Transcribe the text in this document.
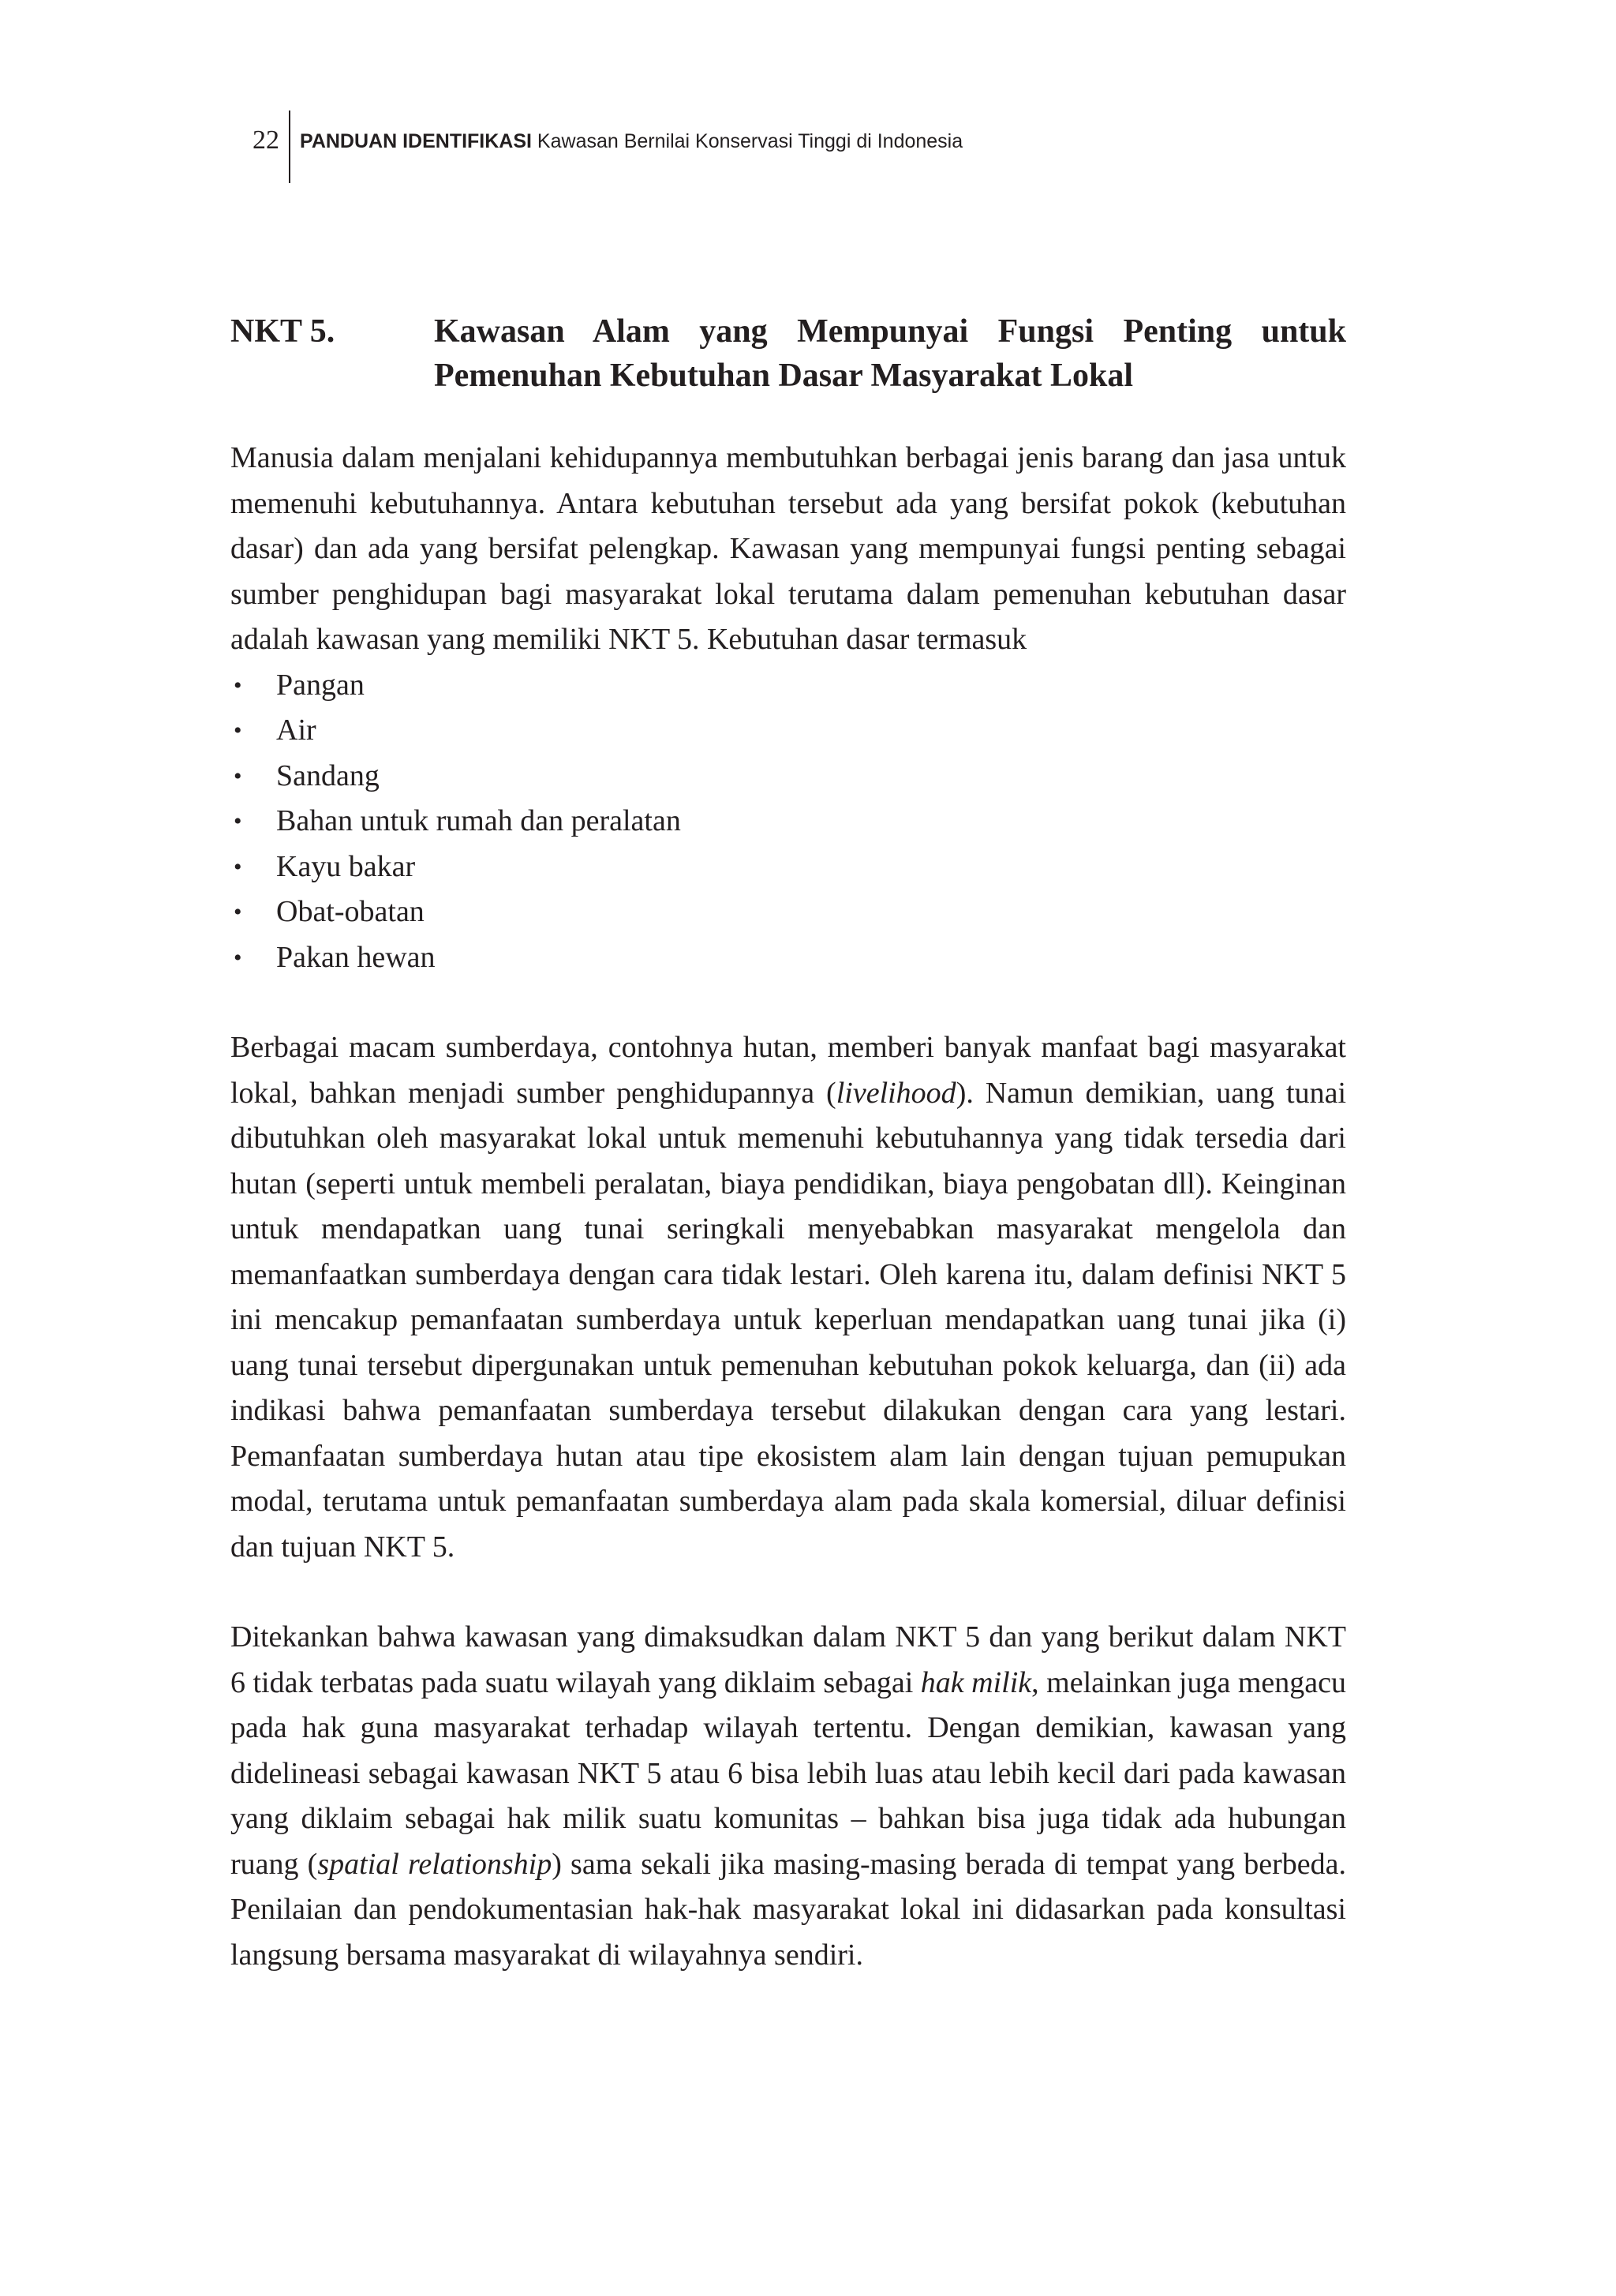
22 PANDUAN IDENTIFIKASI Kawasan Bernilai Konservasi Tinggi di Indonesia
NKT 5.	Kawasan Alam yang Mempunyai Fungsi Penting untuk
Pemenuhan Kebutuhan Dasar Masyarakat Lokal

Manusia dalam menjalani kehidupannya membutuhkan berbagai jenis barang dan jasa untuk memenuhi kebutuhannya. Antara kebutuhan tersebut ada yang bersifat pokok (kebutuhan dasar) dan ada yang bersifat pelengkap. Kawasan yang mempunyai fungsi penting sebagai sumber penghidupan bagi masyarakat lokal terutama dalam pemenuhan kebutuhan dasar adalah kawasan yang memiliki NKT 5. Kebutuhan dasar termasuk

• Pangan
• Air
• Sandang
• Bahan untuk rumah dan peralatan
• Kayu bakar
• Obat-obatan
• Pakan hewan

Berbagai macam sumberdaya, contohnya hutan, memberi banyak manfaat bagi masyarakat lokal, bahkan menjadi sumber penghidupannya (livelihood). Namun demikian, uang tunai dibutuhkan oleh masyarakat lokal untuk memenuhi kebutuhannya yang tidak tersedia dari hutan (seperti untuk membeli peralatan, biaya pendidikan, biaya pengobatan dll). Keinginan untuk mendapatkan uang tunai seringkali menyebabkan masyarakat mengelola dan memanfaatkan sumberdaya dengan cara tidak lestari. Oleh karena itu, dalam definisi NKT 5 ini mencakup pemanfaatan sumberdaya untuk keperluan mendapatkan uang tunai jika (i) uang tunai tersebut dipergunakan untuk pemenuhan kebutuhan pokok keluarga, dan (ii) ada indikasi bahwa pemanfaatan sumberdaya tersebut dilakukan dengan cara yang lestari. Pemanfaatan sumberdaya hutan atau tipe ekosistem alam lain dengan tujuan pemupukan modal, terutama untuk pemanfaatan sumberdaya alam pada skala komersial, diluar definisi dan tujuan NKT 5.

Ditekankan bahwa kawasan yang dimaksudkan dalam NKT 5 dan yang berikut dalam NKT 6 tidak terbatas pada suatu wilayah yang diklaim sebagai hak milik, melainkan juga mengacu pada hak guna masyarakat terhadap wilayah tertentu. Dengan demikian, kawasan yang didelineasi sebagai kawasan NKT 5 atau 6 bisa lebih luas atau lebih kecil dari pada kawasan yang diklaim sebagai hak milik suatu komunitas – bahkan bisa juga tidak ada hubungan ruang (spatial relationship) sama sekali jika masing-masing berada di tempat yang berbeda. Penilaian dan pendokumentasian hak-hak masyarakat lokal ini didasarkan pada konsultasi langsung bersama masyarakat di wilayahnya sendiri.
